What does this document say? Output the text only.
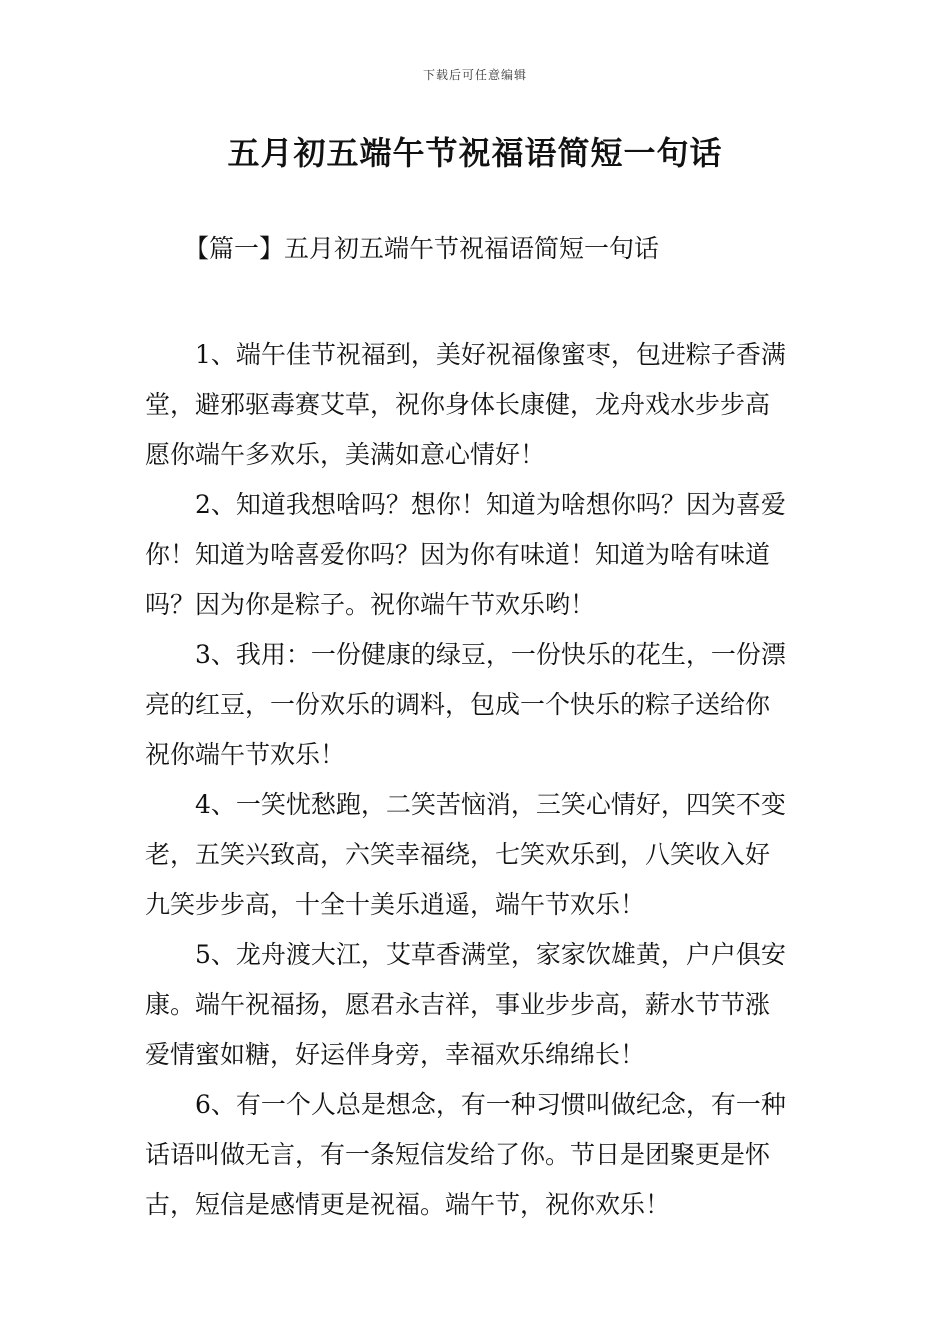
下载后可任意编辑
五月初五端午节祝福语简短一句话

【篇一】五月初五端午节祝福语简短一句话

1、端午佳节祝福到，美好祝福像蜜枣，包进粽子香满
堂，避邪驱毒赛艾草，祝你身体长康健，龙舟戏水步步高
愿你端午多欢乐，美满如意心情好！

2、知道我想啥吗？想你！知道为啥想你吗？因为喜爱
你！知道为啥喜爱你吗？因为你有味道！知道为啥有味道
吗？因为你是粽子。祝你端午节欢乐哟！

3、我用：一份健康的绿豆，一份快乐的花生，一份漂
亮的红豆，一份欢乐的调料，包成一个快乐的粽子送给你
祝你端午节欢乐！

4、一笑忧愁跑，二笑苦恼消，三笑心情好，四笑不变
老，五笑兴致高，六笑幸福绕，七笑欢乐到，八笑收入好
九笑步步高，十全十美乐逍遥，端午节欢乐！

5、龙舟渡大江，艾草香满堂，家家饮雄黄，户户俱安
康。端午祝福扬，愿君永吉祥，事业步步高，薪水节节涨
爱情蜜如糖，好运伴身旁，幸福欢乐绵绵长！

6、有一个人总是想念，有一种习惯叫做纪念，有一种
话语叫做无言，有一条短信发给了你。节日是团聚更是怀
古，短信是感情更是祝福。端午节，祝你欢乐！
